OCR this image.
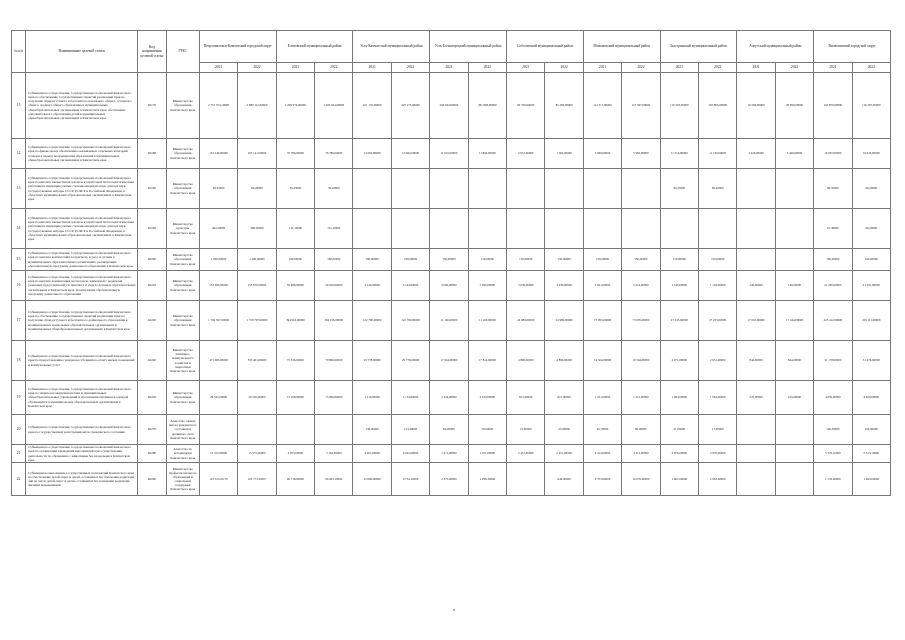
№ п/п	Наименование целевой статьи	Код направления целевой статьи	ГРБС	Петропавловск-Камчатский городской округ		Елизовский муниципальный район		Усть-Камчатский муниципальный район		Усть-Большерецкий муниципальный район		Соболевский муниципальный район		Мильковский муниципальный район		Быстринский муниципальный район		Алеутский муниципальный район		Вилючинский городской округ	
				2021	2022	2021	2022	2021	2022	2021	2022	2021	2022	2021	2022	2021	2022	2021	2022	2021	2022
13	Субвенции на осуществление государственных полномочий Камчатского края по обеспечению государственных гарантий реализации прав на получение общедоступного и бесплатного начального общего, основного общего, среднего общего образования в муниципальных общеобразовательных организациях в Камчатском крае, обеспечение дополнительного образования детей в муниципальных общеобразовательных организациях в Камчатском крае	40170	Министерство образования Камчатского края	2 757 374,10000	2 880 112,00000	1 209 976,00000	1 260 944,00000	221 135,00000	425 173,00000	294 644,00000	361 806,00000	82 760,00000	85 260,00000	112 517,00000	115 567,00000	110 593,00000	102 803,00000	16 594,00000	20 050,00000	110 879,00000	116 307,00000
12	Субвенции на осуществление государственных полномочий Камчатского края по финансовому обеспечению оказываемых отдельных категорий граждан в период получения ими образования в муниципальных общеобразовательных организациях в Камчатском крае	40180	Министерство образования Камчатского края	161 140,00000	165 141,00000	76 786,00000	76 786,00000	13 662,00000	13 662,00000	11 916,00000	11 864,00000	2 651,00000	1 360,00000	5 960,00000	5 960,00000	11 516,00000	11 130,00000	3 426,00000	3 426,00000	16 097,00000	16 645,00000
13	Субвенции на осуществление государственных полномочий Камчатского края по выплате ежемесячной доплаты к заработной плате педагогическим работникам, имеющим ученые степени кандидата наук, доктора наук, государственные награды СССР, РСФСР и Российской Федерации, в областных муниципальных образовательных организациях в Камчатском крае	40190	Министерство образования Камчатского края	99,35000	69,29000	39,43000	39,43000									99,35000	69,29000			99,35000	69,29000
14	Субвенции на осуществление государственных полномочий Камчатского края по выплате ежемесячной доплаты к заработной плате педагогическим работникам, имеющим ученые степени кандидата наук, доктора наук, государственные награды СССР, РСФСР и Российской Федерации, в областных муниципальных образовательных организациях в Камчатском крае	40199	Министерство культуры Камчатского края	462,20000	466,20000	131,10000	131,10000													91,39000	69,29000
15	Субвенции на осуществление государственных полномочий Камчатского края по выплате компенсации за присмотр и уход за детьми в муниципальных образовательных организациях, реализующих образовательную программу дошкольного образования в Камчатском крае	40200	Министерство образования Камчатского края	1 090,00000	1 200,00000	180,00000	180,00000	180,00000	180,00000	150,00000	150,00000	150,00000	150,00000	150,00000	150,00000	150,00000	150,00000			160,00000	160,00000
16	Субвенции на осуществление государственных полномочий Камчатского края по выплате компенсации части платы, взимаемой с родителей (законных представителей) за присмотр и уход за детьми в образовательных организациях в Камчатском крае, реализующих образовательную программу дошкольного образования	40210	Министерство образования Камчатского края	153 090,00000	153 670,00000	59 486,00000	59 920,00000	3 144,00000	3 144,00000	5 090,00000	5 090,00000	3 039,00000	3 039,00000	5 021,00000	5 214,00000	1 540,00000	1 104,00000	140,00000	140,00000	21 290,00000	21 291,00000
17	Субвенции на осуществление государственных полномочий Камчатского края по обеспечению государственных гарантий реализации прав на получение общедоступного и бесплатного дошкольного образования в муниципальных дошкольных образовательных организациях и муниципальных общеобразовательных организациях в Камчатском крае	40220	Министерство образования Камчатского края	1 704 397,00000	1 730 797,00000	394 916,00000	394 916,00000	122 790,00000	122 790,00000	11 160,00000	11 160,00000	24 989,00000	24 989,00000	73 095,00000	73 095,00000	27 233,00000	27 233,00000	17 016,00000	17 444,00000	225 412,00000	229 111,00000
18	Субвенции на осуществление государственных полномочий Камчатского края по предоставлению гражданам субсидий на оплату жилых помещений и коммунальных услуг	40240	Министерство жилищно-коммунального хозяйства и энергетики Камчатского края	471 683,00000	553 401,00000	75 336,00000	79 896,00000	29 778,00000	29 778,00000	17 944,00000	17 814,00000	4 896,00000	4 896,00000	19 564,00000	19 564,00000	2 971,00000	2 951,00000	844,00000	844,00000	31 178,00000	31 476,00000
19	Субвенции на осуществление государственных полномочий Камчатского края по защите несовершеннолетних и муниципальных общеобразовательных учреждений и обеспечения питанием и одеждой обучающихся в муниципальных образовательных организациях в Камчатском крае	40250	Министерство образования Камчатского края	29 545,00000	29 545,00000	15 108,00000	15 096,00000	1 116,00000	1 154,00000	2 434,00000	2 434,00000	815,00000	815,00000	1 251,00000	1 251,00000	1 094,00000	1 094,00000	225,00000	225,00000	4 659,00000	4 659,00000
20	Субвенции на осуществление государственных полномочий Камчатского края по государственной регистрации актов гражданского состояния	40270	Агентство записи актов гражданского состояния и архивного дела Камчатского края					136,00000	153,40000	69,00000	59,00000	21,00000	23,00000	95,70000	80,00000	21,00000	17,00000			146,39000	164,90000
21	Субвенции на осуществление государственных полномочий Камчатского края по организации проведения мероприятий при осуществлении деятельности по обращению с животными без владельцев в Камчатском крае	40280	Агентство по ветеринарии Камчатского края	15 572,00000	15 572,00000	3 053,00000	3 164,00000	4 001,00000	4 001,00000	1 471,00000	1 471,00000	2 451,00000	2 451,00000	4 412,00000	4 412,00000	2 976,00000	2 976,00000			5 576,10000	5 513,10000
22	Субвенции на выполнение государственных полномочий Камчатского края по обеспечению детей-сирот и детей, оставшихся без попечения родителей, лиц из числа детей-сирот и детей, оставшихся без попечения родителей, жилыми помещениями	40290	Министерство профессионального образования и социальной поддержки Камчатского края	101 523,91170	103 773,29567	96 738,00000	96 963,10000	12 080,00000	6 734,10000	2 375,00000	1 298,30000		649,00000	9 373,00000	10 276,00000	1 601,00000	2 963,00000			1 532,00000	1 643,00000
